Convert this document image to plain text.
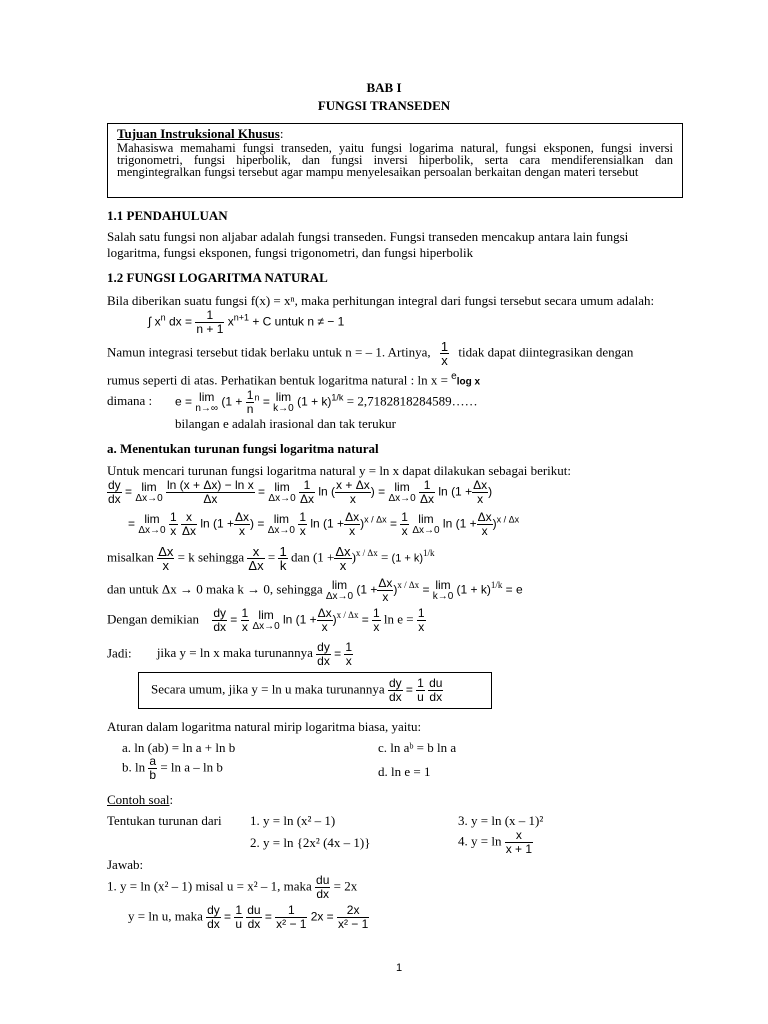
BAB I
FUNGSI TRANSEDEN
Tujuan Instruksional Khusus:
Mahasiswa memahami fungsi transeden, yaitu fungsi logarima natural, fungsi eksponen, fungsi inversi trigonometri, fungsi hiperbolik, dan fungsi inversi hiperbolik, serta cara mendiferensialkan dan mengintegralkan fungsi tersebut agar mampu menyelesaikan persoalan berkaitan dengan materi tersebut
1.1 PENDAHULUAN
Salah satu fungsi non aljabar adalah fungsi transeden. Fungsi transeden mencakup antara lain fungsi
logaritma, fungsi eksponen, fungsi trigonometri, dan fungsi hiperbolik
1.2 FUNGSI LOGARITMA NATURAL
Bila diberikan suatu fungsi f(x) = xⁿ, maka perhitungan integral dari fungsi tersebut secara umum adalah:
∫ $x^n$ dx = $\frac{1}{n + 1} x^{n+1} + C$ untuk n ≠ − 1
Namun integrasi tersebut tidak berlaku untuk n = – 1. Artinya, $\frac{1}{x}$ tidak dapat diintegrasikan dengan
rumus seperti di atas. Perhatikan bentuk logaritma natural : ln x = $^e$log x
dimana : e = lim
n→∞ ($1 + \frac{1}{n} ^n = \lim$
k→0 $(1 + k)^{1/k}$ = 2,7182818284589……
bilangan e adalah irasional dan tak terukur
a. Menentukan turunan fungsi logaritma natural
Untuk mencari turunan fungsi logaritma natural y = ln x dapat dilakukan sebagai berikut:
$\frac{dy}{dx} = \lim$
Δx→0
$\frac{\text{ln (x + Δx) − ln x}}{\Delta x} = \lim$
Δx→0
$\frac{1}{\Delta x}$ ln ( $\frac{x + \Delta x}{x}$ ) = lim
Δx→0
$\frac{1}{\Delta x}$ $\ln (1 + \frac{\Delta x}{x}$ )
= lim
Δx→0
$\frac{1}{x}$
$\frac{x}{\Delta x}$ $\ln (1 + \frac{\Delta x}{x}$ ) = lim
Δx→0
$\frac{1}{x}$ $\ln (1 + \frac{\Delta x}{x} )^{x / \Delta x} = \frac{1}{x}$ lim
Δx→0 $\ln (1 + \frac{\Delta x}{x} )^{x / \Delta x}$
misalkan $\frac{\Delta x}{x} = k$ sehingga $\frac{x}{\Delta x} = \frac{1}{k}$ dan $(1 + \frac{\Delta x}{x} )^{x / \Delta x} = (1 + k)^{1/k}$
dan untuk Δx → 0 maka k → 0, sehingga lim
Δx→0 $(1 + \frac{\Delta x}{x} )^{x / \Delta x} = \lim$
k→0 $(1 + k)^{1/k} = e$
Dengan demikian $\frac{dy}{dx} = \frac{1}{x}$ lim
Δx→0 $\ln (1 + \frac{\Delta x}{x} )^{x / \Delta x} = \frac{1}{x}$ $\ln e = \frac{1}{x}$
Jadi: jika y = ln x maka turunannya $\frac{dy}{dx} = \frac{1}{x}$
Secara umum, jika y = ln u maka turunannya $\frac{dy}{dx} = \frac{1}{u}$
$\frac{du}{dx}$
Aturan dalam logaritma natural mirip logaritma biasa, yaitu:
a. ln (ab) = ln a + ln b	c. ln aᵇ = b ln a
b. $\ln \frac{a}{b} = \ln a - \ln b$	d. ln e = 1
Contoh soal:
Tentukan turunan dari 1. y = ln (x² – 1)	3. y = ln (x – 1)²
2. y = ln {2x² (4x – 1)}	4. $y = \ln \frac{x}{x + 1}$
Jawab:
1. y = ln (x² – 1) misal u = x² – 1, maka $\frac{du}{dx} = 2x$
y = ln u, maka $\frac{dy}{dx} = \frac{1}{u}$
$\frac{du}{dx} = \frac{1}{\text{x² − 1}} 2x = \frac{2x}{\text{x² − 1}}$
1
